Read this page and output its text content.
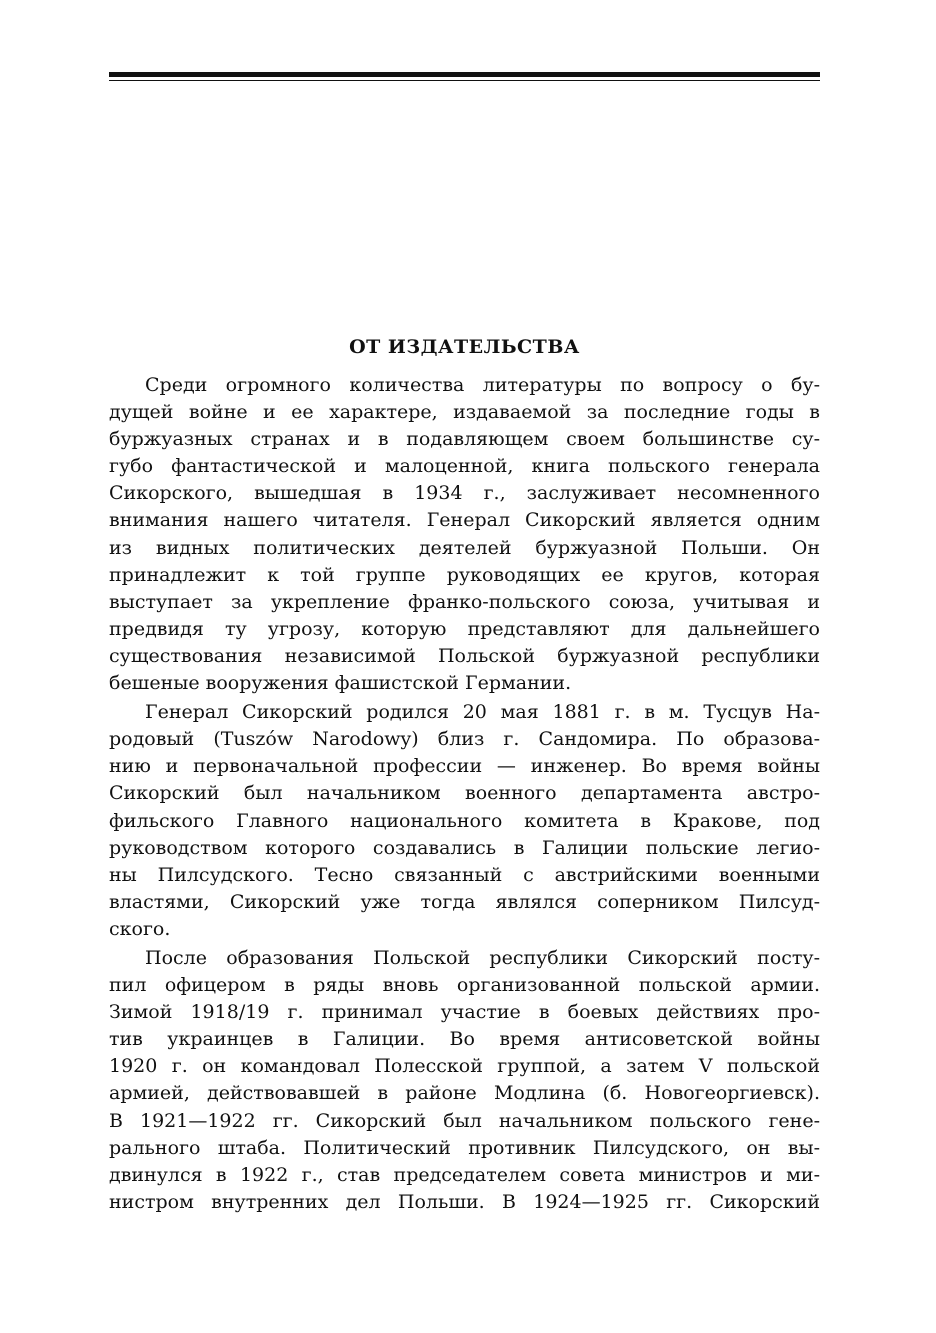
ОТ ИЗДАТЕЛЬСТВА
Среди огромного количества литературы по вопросу о бу-
дущей войне и ее характере, издаваемой за последние годы в
буржуазных странах и в подавляющем своем большинстве су-
губо фантастической и малоценной, книга польского генерала
Сикорского, вышедшая в 1934 г., заслуживает несомненного
внимания нашего читателя. Генерал Сикорский является одним
из видных политических деятелей буржуазной Польши. Он
принадлежит к той группе руководящих ее кругов, которая
выступает за укрепление франко-польского союза, учитывая и
предвидя ту угрозу, которую представляют для дальнейшего
существования независимой Польской буржуазной республики
бешеные вооружения фашистской Германии.
Генерал Сикорский родился 20 мая 1881 г. в м. Тусцув На-
родовый (Tuszów Narodowy) близ г. Сандомира. По образова-
нию и первоначальной профессии — инженер. Во время войны
Сикорский был начальником военного департамента австро-
фильского Главного национального комитета в Кракове, под
руководством которого создавались в Галиции польские легио-
ны Пилсудского. Тесно связанный с австрийскими военными
властями, Сикорский уже тогда являлся соперником Пилсуд-
ского.
После образования Польской республики Сикорский посту-
пил офицером в ряды вновь организованной польской армии.
Зимой 1918/19 г. принимал участие в боевых действиях про-
тив украинцев в Галиции. Во время антисоветской войны
1920 г. он командовал Полесской группой, а затем V польской
армией, действовавшей в районе Модлина (б. Новогеоргиевск).
В 1921—1922 гг. Сикорский был начальником польского гене-
рального штаба. Политический противник Пилсудского, он вы-
двинулся в 1922 г., став председателем совета министров и ми-
нистром внутренних дел Польши. В 1924—1925 гг. Сикорский
